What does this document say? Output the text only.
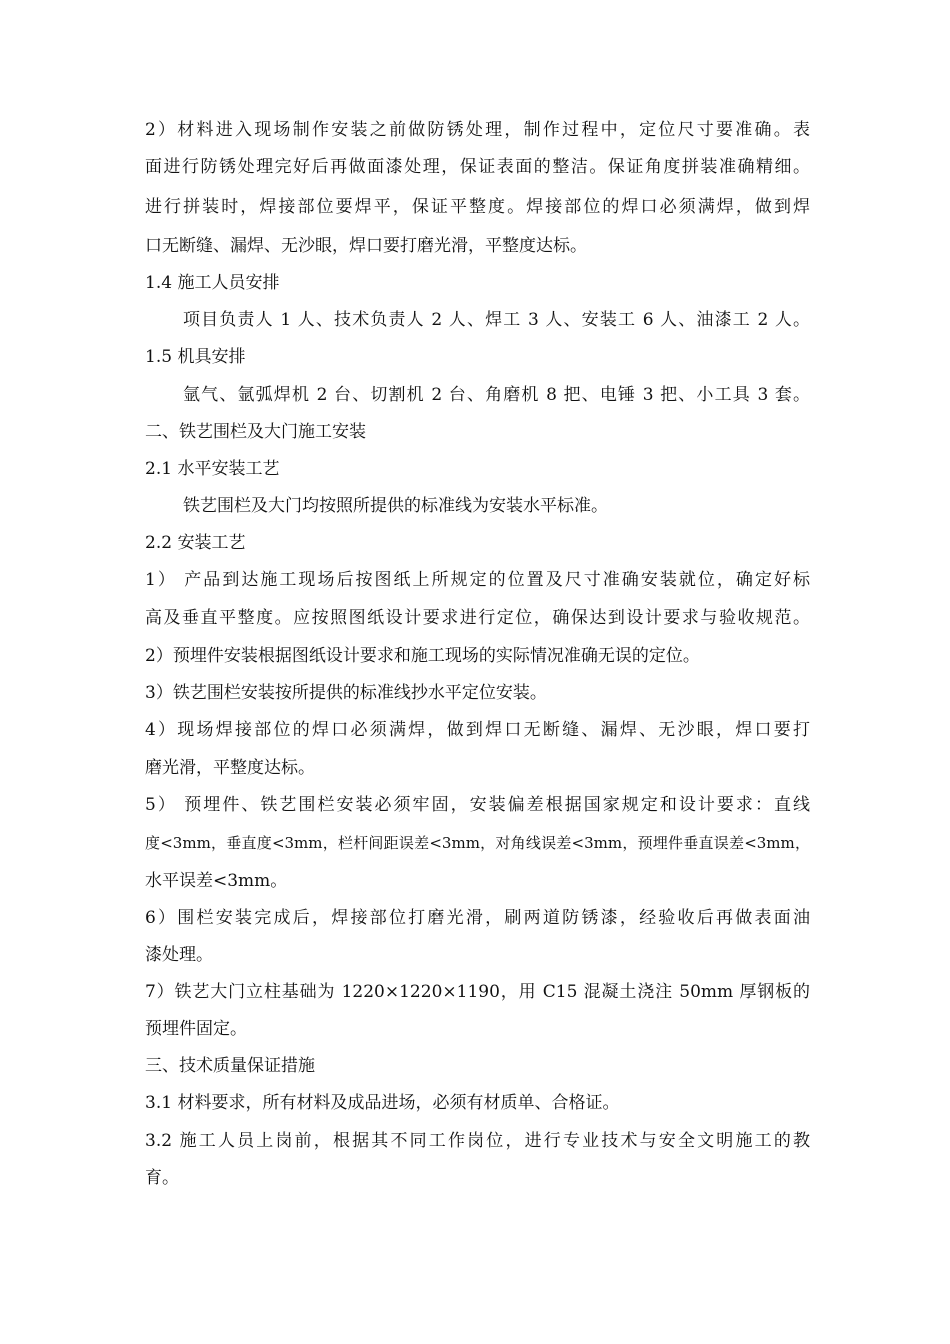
2）材料进入现场制作安装之前做防锈处理，制作过程中，定位尺寸要准确。表
面进行防锈处理完好后再做面漆处理，保证表面的整洁。保证角度拼装准确精细。
进行拼装时，焊接部位要焊平，保证平整度。焊接部位的焊口必须满焊，做到焊
口无断缝、漏焊、无沙眼，焊口要打磨光滑，平整度达标。
1.4 施工人员安排
项目负责人 1 人、技术负责人 2 人、焊工 3 人、安装工 6 人、油漆工 2 人。
1.5 机具安排
氩气、氩弧焊机 2 台、切割机 2 台、角磨机 8 把、电锤 3 把、小工具 3 套。
二、铁艺围栏及大门施工安装
2.1 水平安装工艺
铁艺围栏及大门均按照所提供的标准线为安装水平标准。
2.2 安装工艺
1） 产品到达施工现场后按图纸上所规定的位置及尺寸准确安装就位，确定好标
高及垂直平整度。应按照图纸设计要求进行定位，确保达到设计要求与验收规范。
2）预埋件安装根据图纸设计要求和施工现场的实际情况准确无误的定位。
3）铁艺围栏安装按所提供的标准线抄水平定位安装。
4）现场焊接部位的焊口必须满焊，做到焊口无断缝、漏焊、无沙眼，焊口要打
磨光滑，平整度达标。
5） 预埋件、铁艺围栏安装必须牢固，安装偏差根据国家规定和设计要求：直线
度<3mm，垂直度<3mm，栏杆间距误差<3mm，对角线误差<3mm，预埋件垂直误差<3mm，
水平误差<3mm。
6）围栏安装完成后，焊接部位打磨光滑，刷两道防锈漆，经验收后再做表面油
漆处理。
7）铁艺大门立柱基础为 1220×1220×1190，用 C15 混凝土浇注 50mm 厚钢板的
预埋件固定。
三、技术质量保证措施
3.1 材料要求，所有材料及成品进场，必须有材质单、合格证。
3.2 施工人员上岗前，根据其不同工作岗位，进行专业技术与安全文明施工的教
育。
